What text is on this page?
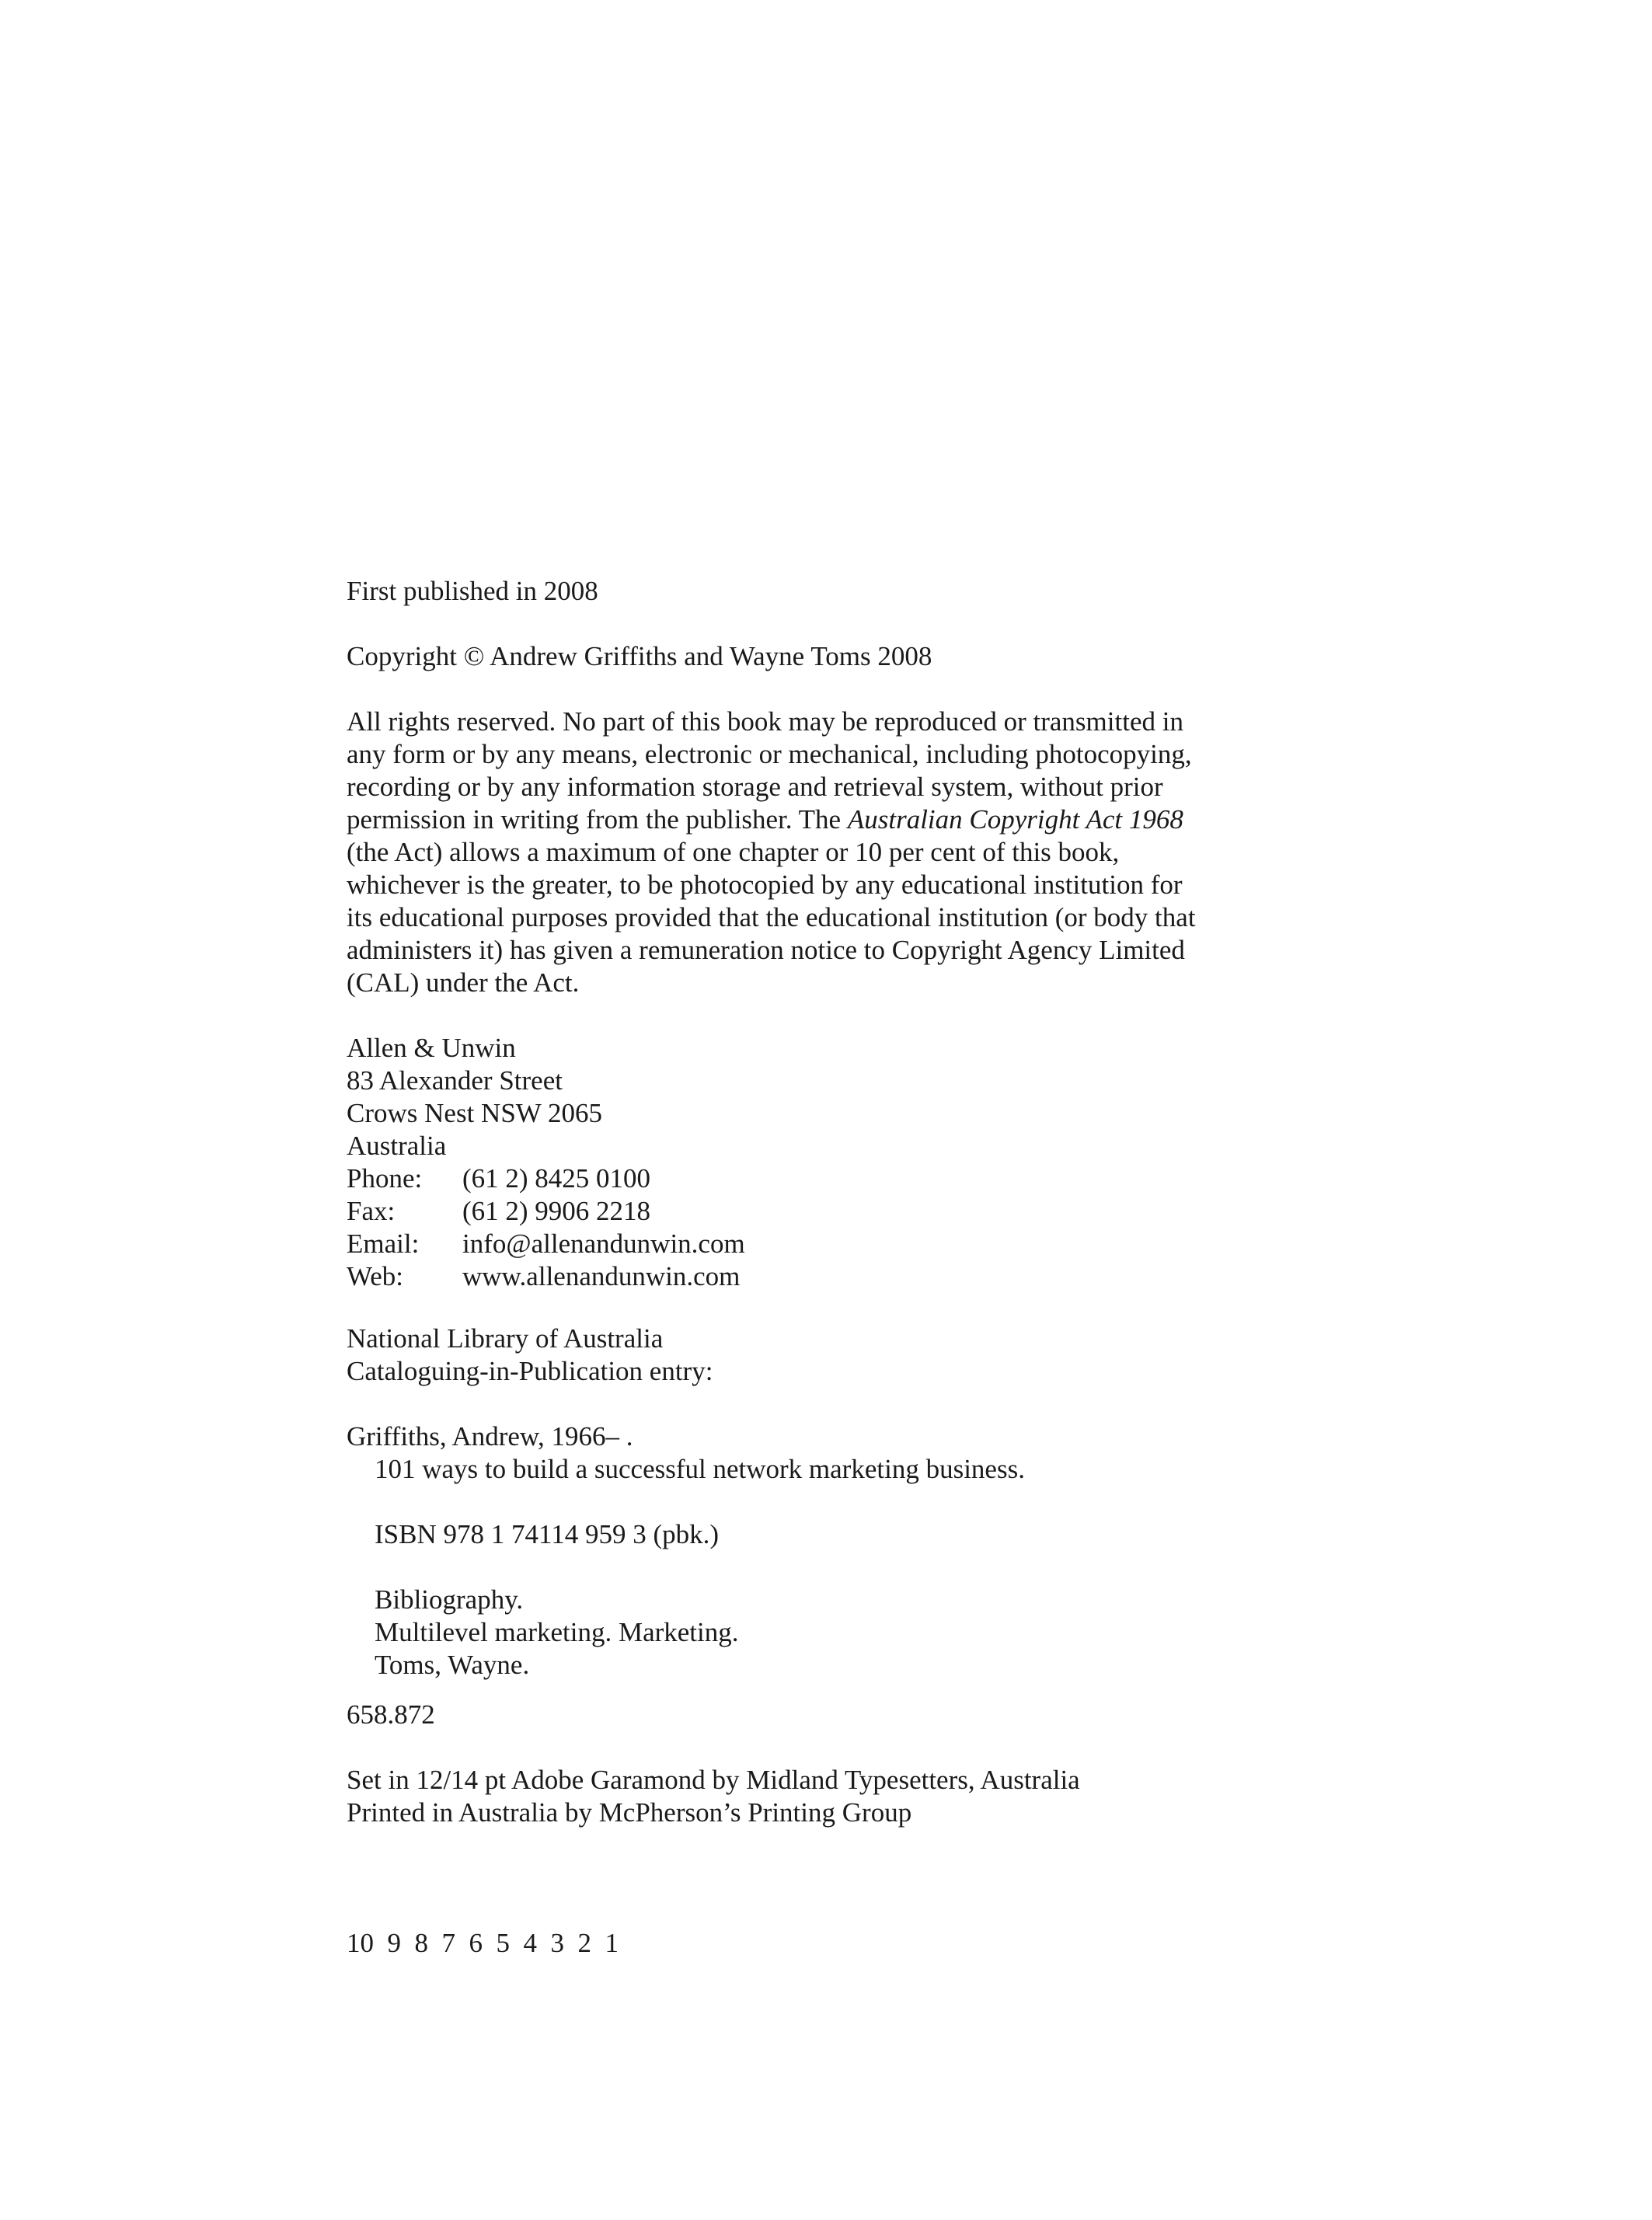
First published in 2008
Copyright © Andrew Griffiths and Wayne Toms 2008
All rights reserved. No part of this book may be reproduced or transmitted in
any form or by any means, electronic or mechanical, including photocopying,
recording or by any information storage and retrieval system, without prior
permission in writing from the publisher. The Australian Copyright Act 1968
(the Act) allows a maximum of one chapter or 10 per cent of this book,
whichever is the greater, to be photocopied by any educational institution for
its educational purposes provided that the educational institution (or body that
administers it) has given a remuneration notice to Copyright Agency Limited
(CAL) under the Act.
Allen & Unwin
83 Alexander Street
Crows Nest NSW 2065
Australia
Phone: (61 2) 8425 0100
Fax: (61 2) 9906 2218
Email: info@allenandunwin.com
Web: www.allenandunwin.com
National Library of Australia
Cataloguing-in-Publication entry:
Griffiths, Andrew, 1966– .
101 ways to build a successful network marketing business.
ISBN 978 1 74114 959 3 (pbk.)
Bibliography.
Multilevel marketing. Marketing.
Toms, Wayne.
658.872
Set in 12/14 pt Adobe Garamond by Midland Typesetters, Australia
Printed in Australia by McPherson’s Printing Group

10  9  8  7  6  5  4  3  2  1
